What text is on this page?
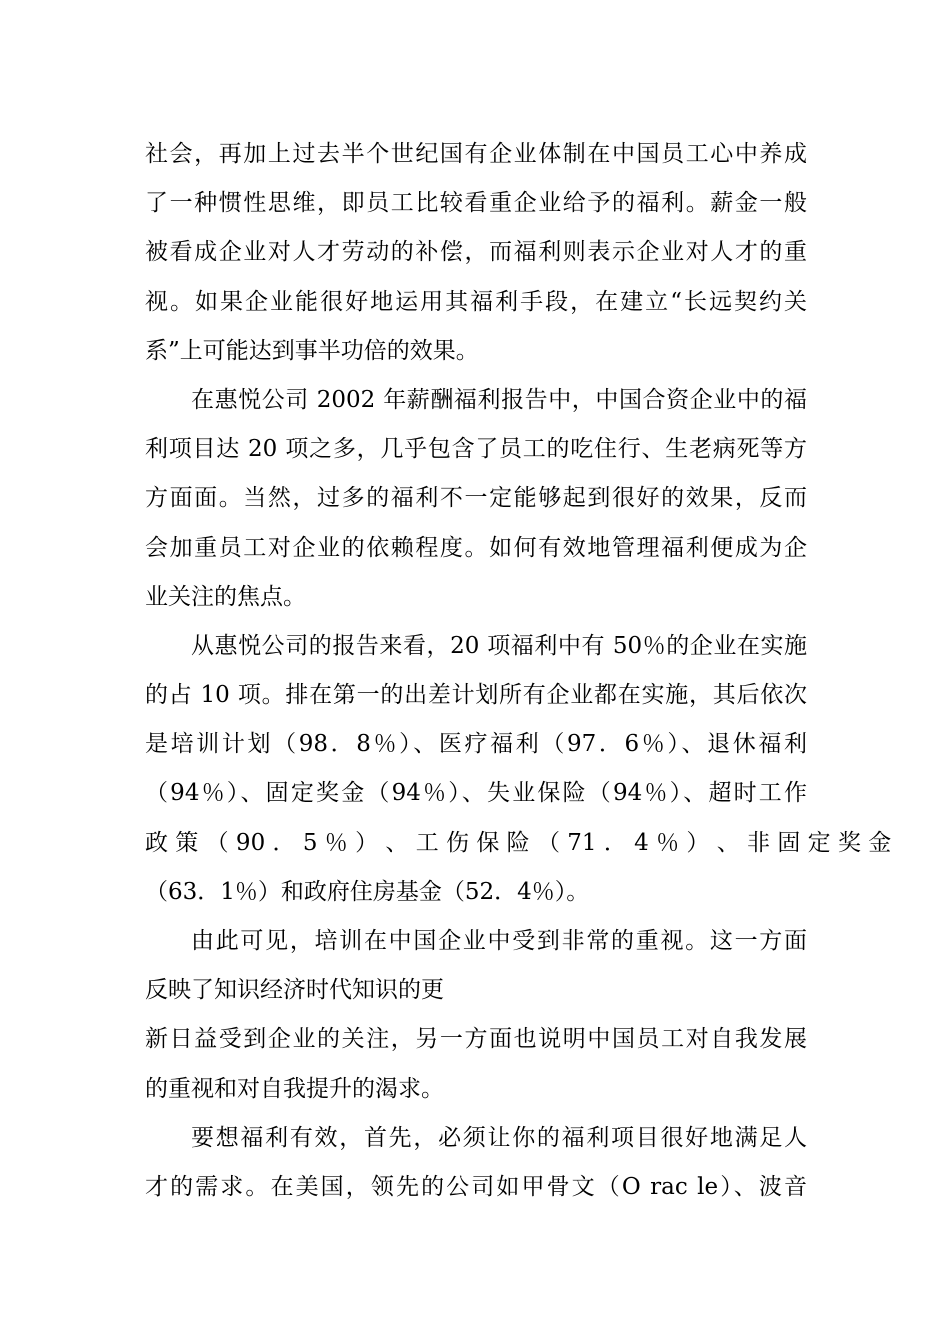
社会，再加上过去半个世纪国有企业体制在中国员工心中养成
了一种惯性思维，即员工比较看重企业给予的福利。薪金一般
被看成企业对人才劳动的补偿，而福利则表示企业对人才的重
视。如果企业能很好地运用其福利手段，在建立“长远契约关
系”上可能达到事半功倍的效果。
在惠悦公司 2002 年薪酬福利报告中，中国合资企业中的福
利项目达 20 项之多，几乎包含了员工的吃住行、生老病死等方
方面面。当然，过多的福利不一定能够起到很好的效果，反而
会加重员工对企业的依赖程度。如何有效地管理福利便成为企
业关注的焦点。
从惠悦公司的报告来看，20 项福利中有 50％的企业在实施
的占 10 项。排在第一的出差计划所有企业都在实施，其后依次
是培训计划（98．8％）、医疗福利（97．6％）、退休福利
（94％）、固定奖金（94％）、失业保险（94％）、超时工作
政 策 （ 90 ． 5 ％ ） 、 工 伤 保 险 （ 71 ． 4 ％ ） 、 非 固 定 奖 金
（63．1％）和政府住房基金（52．4％）。
由此可见，培训在中国企业中受到非常的重视。这一方面
反映了知识经济时代知识的更
新日益受到企业的关注，另一方面也说明中国员工对自我发展
的重视和对自我提升的渴求。
要想福利有效，首先，必须让你的福利项目很好地满足人
才的需求。在美国，领先的公司如甲骨文（O rac le）、波音
